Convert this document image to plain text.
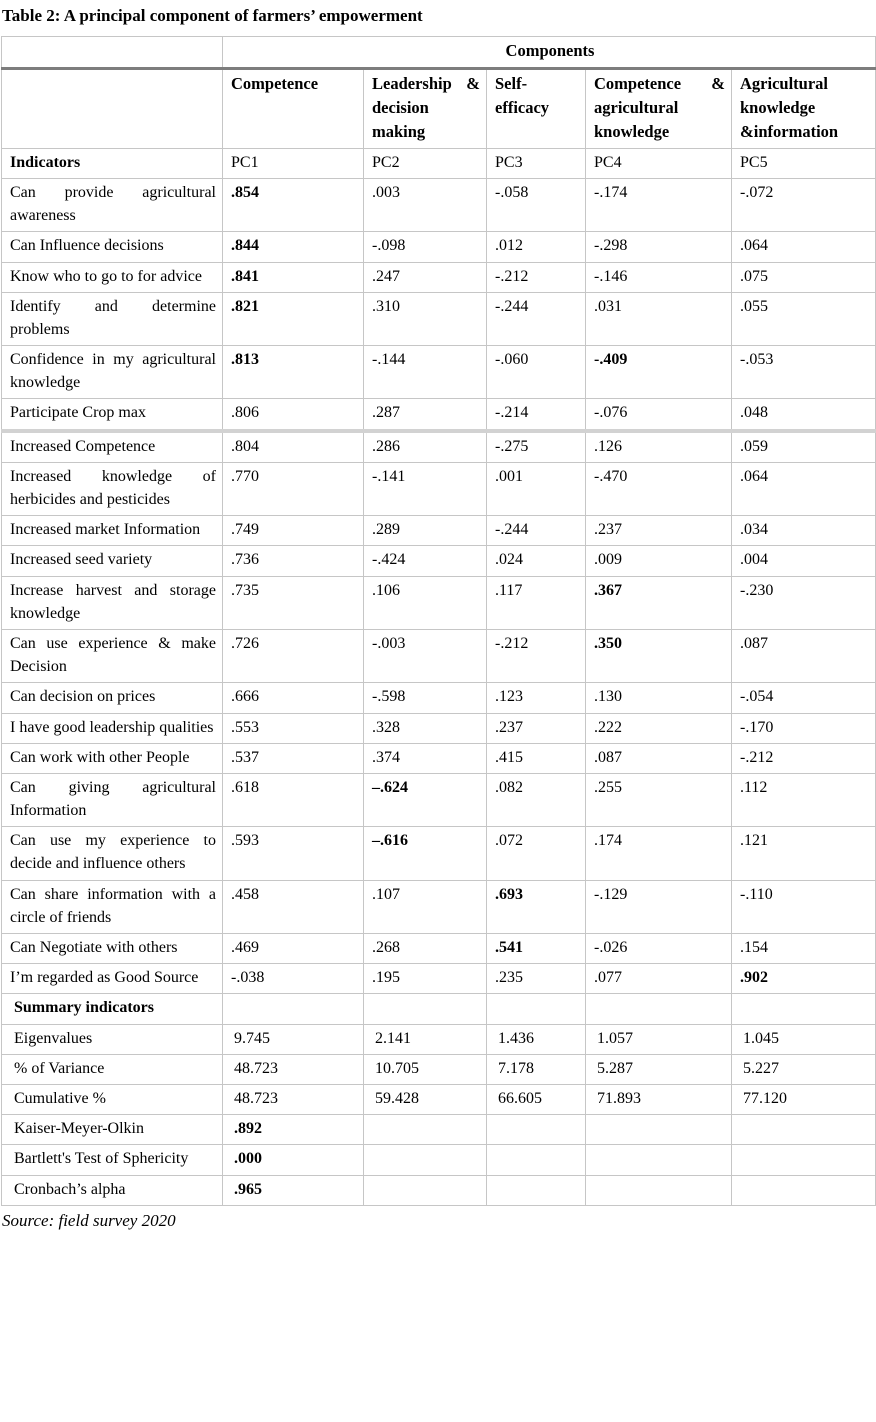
Table 2: A principal component of farmers’ empowerment
	Components				
	Competence	Leadership & decision making	Self-efficacy	Competence & agricultural knowledge	Agricultural knowledge &information
Indicators	PC1	PC2	PC3	PC4	PC5
Can provide agricultural awareness	.854	.003	-.058	-.174	-.072
Can Influence decisions	.844	-.098	.012	-.298	.064
Know who to go to for advice	.841	.247	-.212	-.146	.075
Identify and determine problems	.821	.310	-.244	.031	.055
Confidence in my agricultural knowledge	.813	-.144	-.060	-.409	-.053
Participate Crop max	.806	.287	-.214	-.076	.048
Increased Competence	.804	.286	-.275	.126	.059
Increased knowledge of herbicides and pesticides	.770	-.141	.001	-.470	.064
Increased market Information	.749	.289	-.244	.237	.034
Increased seed variety	.736	-.424	.024	.009	.004
Increase harvest and storage knowledge	.735	.106	.117	.367	-.230
Can use experience & make Decision	.726	-.003	-.212	.350	.087
Can decision on prices	.666	-.598	.123	.130	-.054
I have good leadership qualities	.553	.328	.237	.222	-.170
Can work with other People	.537	.374	.415	.087	-.212
Can giving agricultural Information	.618	–.624	.082	.255	.112
Can use my experience to decide and influence others	.593	–.616	.072	.174	.121
Can share information with a circle of friends	.458	.107	.693	-.129	-.110
Can Negotiate with others	.469	.268	.541	-.026	.154
I’m regarded as Good Source	-.038	.195	.235	.077	.902
Summary indicators					
Eigenvalues	9.745	2.141	1.436	1.057	1.045
% of Variance	48.723	10.705	7.178	5.287	5.227
Cumulative %	48.723	59.428	66.605	71.893	77.120
Kaiser-Meyer-Olkin	.892				
Bartlett's Test of Sphericity	.000				
Cronbach’s alpha	.965				
Source: field survey 2020
